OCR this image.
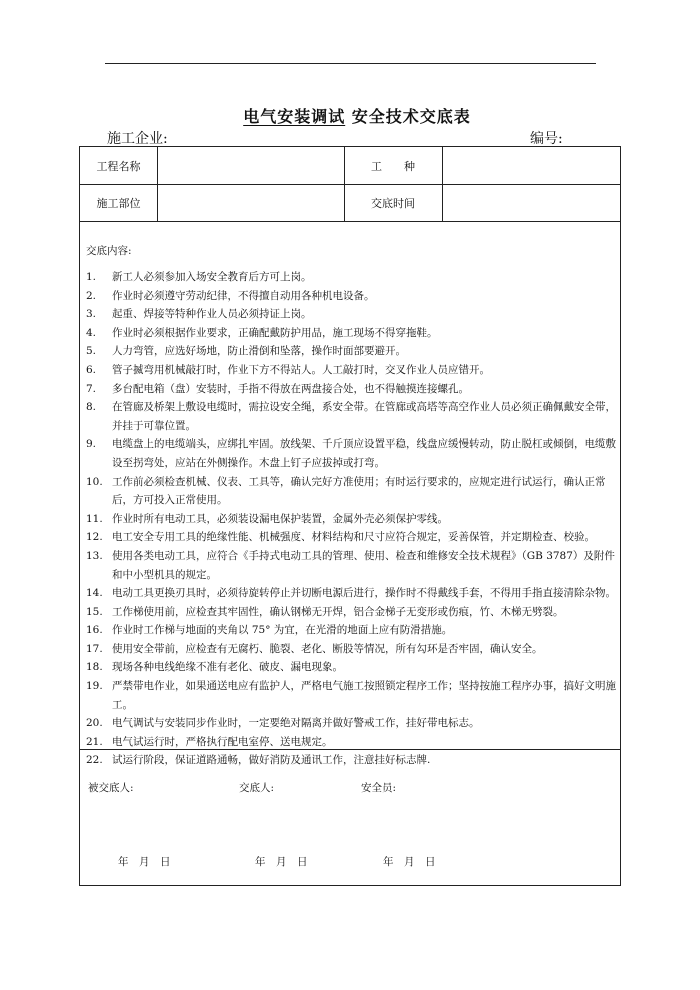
电气安装调试 安全技术交底表
施工企业:	编号:
工程名称	工　　种
施工部位	交底时间
交底内容:
1. 新工人必须参加入场安全教育后方可上岗。
2. 作业时必须遵守劳动纪律，不得擅自动用各种机电设备。
3. 起重、焊接等特种作业人员必须持证上岗。
4. 作业时必须根据作业要求，正确配戴防护用品，施工现场不得穿拖鞋。
5. 人力弯管，应选好场地，防止滑倒和坠落，操作时面部要避开。
6. 管子揻弯用机械敲打时，作业下方不得站人。人工敲打时，交叉作业人员应错开。
7. 多台配电箱（盘）安装时，手指不得放在两盘接合处，也不得触摸连接螺孔。
8. 在管廊及桥架上敷设电缆时，需拉设安全绳，系安全带。在管廊或高塔等高空作业人员必须正确佩戴安全带，并挂于可靠位置。
9. 电缆盘上的电缆端头，应绑扎牢固。放线架、千斤顶应设置平稳，线盘应缓慢转动，防止脱杠或倾倒，电缆敷设至拐弯处，应站在外侧操作。木盘上钉子应拔掉或打弯。
10. 工作前必须检查机械、仪表、工具等，确认完好方准使用；有时运行要求的，应规定进行试运行，确认正常后，方可投入正常使用。
11. 作业时所有电动工具，必须装设漏电保护装置，金属外壳必须保护零线。
12. 电工安全专用工具的绝缘性能、机械强度、材料结构和尺寸应符合规定，妥善保管，并定期检查、校验。
13. 使用各类电动工具，应符合《手持式电动工具的管理、使用、检查和维修安全技术规程》（GB 3787）及附件和中小型机具的规定。
14. 电动工具更换刃具时，必须待旋转停止并切断电源后进行，操作时不得戴线手套，不得用手指直接清除杂物。
15. 工作梯使用前，应检查其牢固性，确认钢梯无开焊，铝合金梯子无变形或伤痕，竹、木梯无劈裂。
16. 作业时工作梯与地面的夹角以 75° 为宜，在光滑的地面上应有防滑措施。
17. 使用安全带前，应检查有无腐朽、脆裂、老化、断股等情况，所有勾环是否牢固，确认安全。
18. 现场各种电线绝缘不准有老化、破皮、漏电现象。
19. 严禁带电作业，如果通送电应有监护人，严格电气施工按照锁定程序工作；坚持按施工程序办事，搞好文明施工。
20. 电气调试与安装同步作业时，一定要绝对隔离并做好警戒工作，挂好带电标志。
21. 电气试运行时，严格执行配电室停、送电规定。
22. 试运行阶段，保证道路通畅，做好消防及通讯工作，注意挂好标志牌.
被交底人:	交底人:	安全员:
年　月　日	年　月　日	年　月　日
